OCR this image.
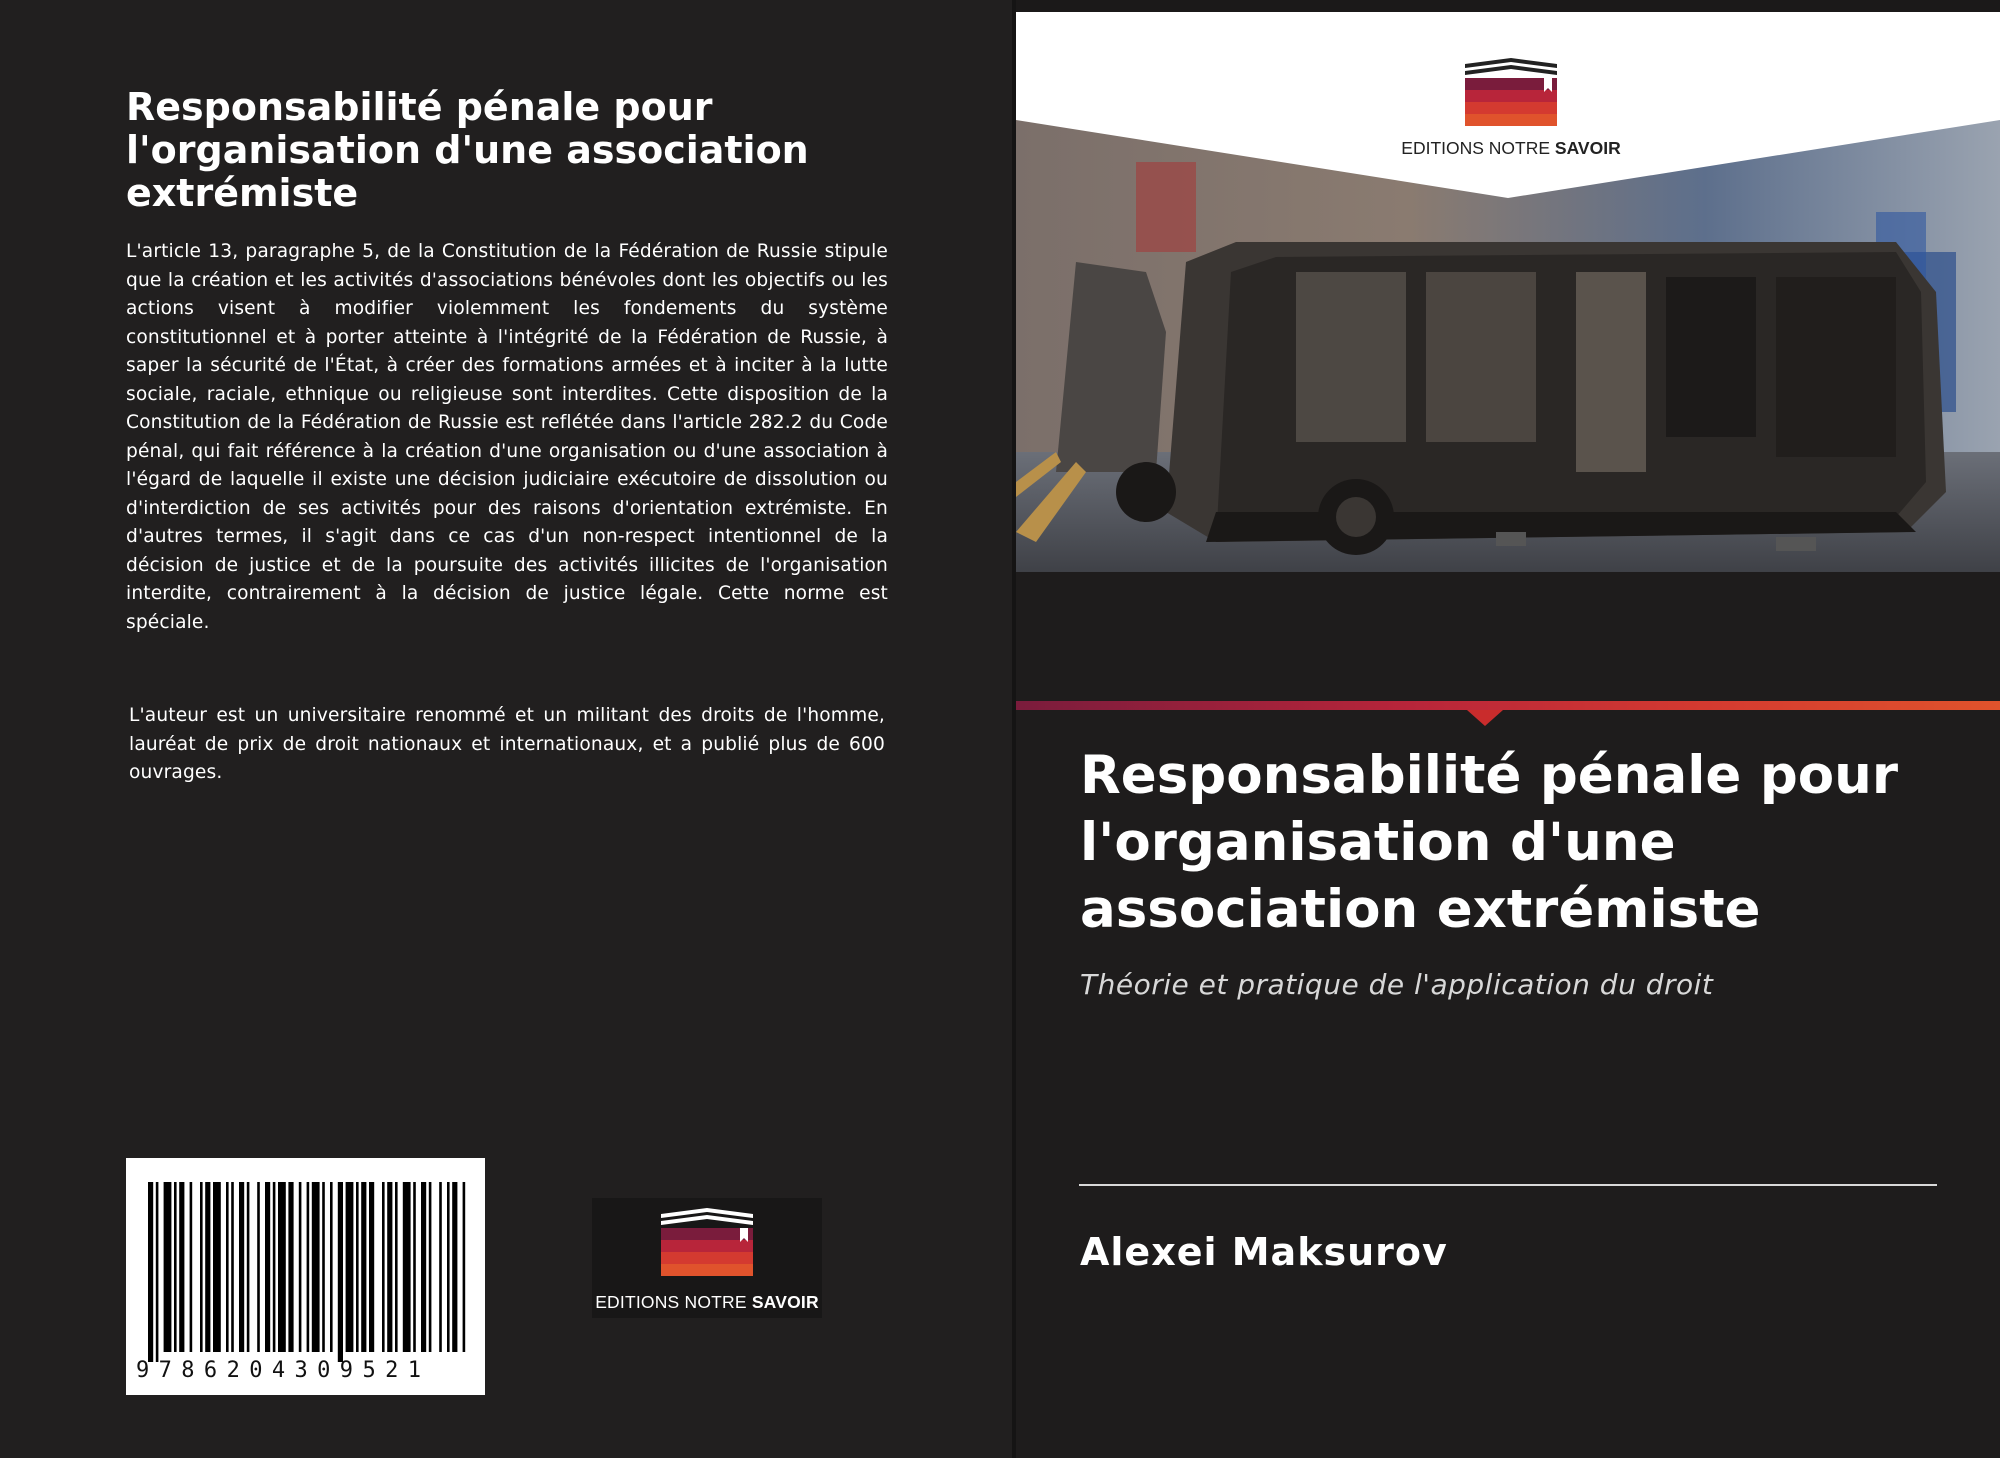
Responsabilité pénale pour l'organisation d'une association extrémiste

L'article 13, paragraphe 5, de la Constitution de la Fédération de Russie stipule que la création et les activités d'associations bénévoles dont les objectifs ou les actions visent à modifier violemment les fondements du système constitutionnel et à porter atteinte à l'intégrité de la Fédération de Russie, à saper la sécurité de l'État, à créer des formations armées et à inciter à la lutte sociale, raciale, ethnique ou religieuse sont interdites. Cette disposition de la Constitution de la Fédération de Russie est reflétée dans l'article 282.2 du Code pénal, qui fait référence à la création d'une organisation ou d'une association à l'égard de laquelle il existe une décision judiciaire exécutoire de dissolution ou d'interdiction de ses activités pour des raisons d'orientation extrémiste. En d'autres termes, il s'agit dans ce cas d'un non-respect intentionnel de la décision de justice et de la poursuite des activités illicites de l'organisation interdite, contrairement à la décision de justice légale. Cette norme est spéciale.

L'auteur est un universitaire renommé et un militant des droits de l'homme, lauréat de prix de droit nationaux et internationaux, et a publié plus de 600 ouvrages.

9786204309521
EDITIONS NOTRE SAVOIR
EDITIONS NOTRE SAVOIR
Responsabilité pénale pour l'organisation d'une association extrémiste

Théorie et pratique de l'application du droit

Alexei Maksurov
